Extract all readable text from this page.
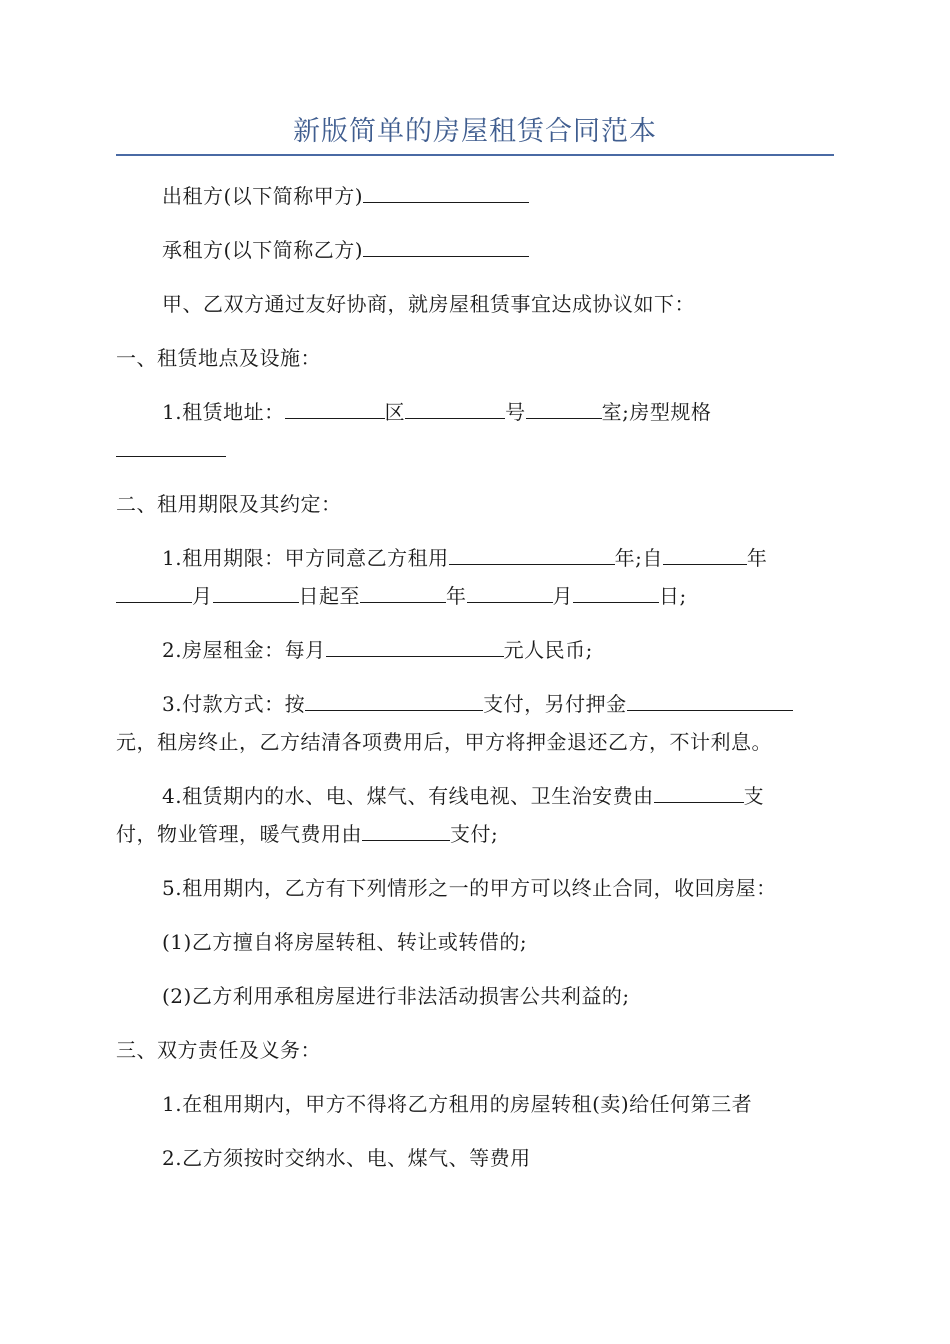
新版简单的房屋租赁合同范本
出租方(以下简称甲方)
承租方(以下简称乙方)
甲、乙双方通过友好协商，就房屋租赁事宜达成协议如下：
一、租赁地点及设施：
1.租赁地址：	区	号	室;房型规格
二、租用期限及其约定：
1.租用期限：甲方同意乙方租用	年;自	年
月	日起至	年	月	日;
2.房屋租金：每月	元人民币;
3.付款方式：按	支付，另付押金
元，租房终止，乙方结清各项费用后，甲方将押金退还乙方，不计利息。
4.租赁期内的水、电、煤气、有线电视、卫生治安费由	支
付，物业管理，暖气费用由	支付;
5.租用期内，乙方有下列情形之一的甲方可以终止合同，收回房屋：
(1)乙方擅自将房屋转租、转让或转借的;
(2)乙方利用承租房屋进行非法活动损害公共利益的;
三、双方责任及义务：
1.在租用期内，甲方不得将乙方租用的房屋转租(卖)给任何第三者
2.乙方须按时交纳水、电、煤气、等费用
